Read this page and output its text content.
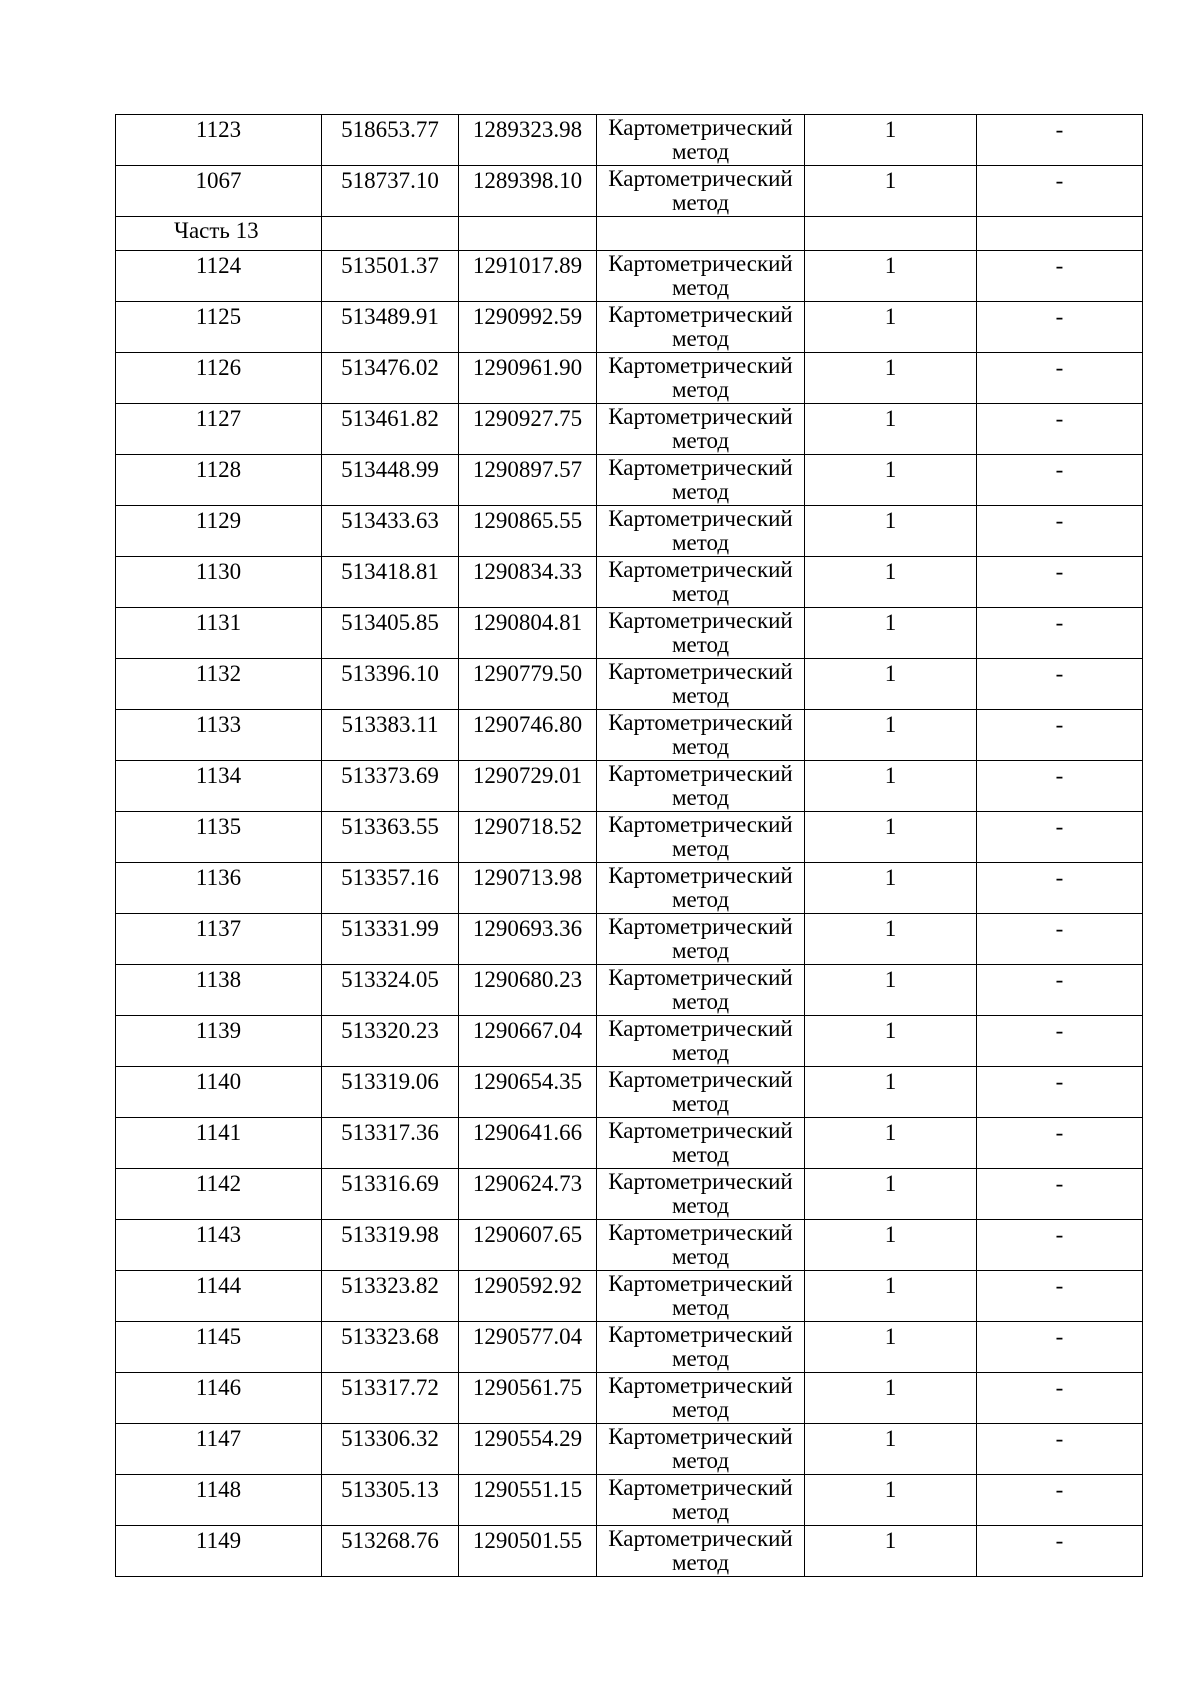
1123	518653.77	1289323.98	Картометрический метод	1	-

1067	518737.10	1289398.10	Картометрический метод	1	-

Часть 13					

1124	513501.37	1291017.89	Картометрический метод	1	-

1125	513489.91	1290992.59	Картометрический метод	1	-

1126	513476.02	1290961.90	Картометрический метод	1	-

1127	513461.82	1290927.75	Картометрический метод	1	-

1128	513448.99	1290897.57	Картометрический метод	1	-

1129	513433.63	1290865.55	Картометрический метод	1	-

1130	513418.81	1290834.33	Картометрический метод	1	-

1131	513405.85	1290804.81	Картометрический метод	1	-

1132	513396.10	1290779.50	Картометрический метод	1	-

1133	513383.11	1290746.80	Картометрический метод	1	-

1134	513373.69	1290729.01	Картометрический метод	1	-

1135	513363.55	1290718.52	Картометрический метод	1	-

1136	513357.16	1290713.98	Картометрический метод	1	-

1137	513331.99	1290693.36	Картометрический метод	1	-

1138	513324.05	1290680.23	Картометрический метод	1	-

1139	513320.23	1290667.04	Картометрический метод	1	-

1140	513319.06	1290654.35	Картометрический метод	1	-

1141	513317.36	1290641.66	Картометрический метод	1	-

1142	513316.69	1290624.73	Картометрический метод	1	-

1143	513319.98	1290607.65	Картометрический метод	1	-

1144	513323.82	1290592.92	Картометрический метод	1	-

1145	513323.68	1290577.04	Картометрический метод	1	-

1146	513317.72	1290561.75	Картометрический метод	1	-

1147	513306.32	1290554.29	Картометрический метод	1	-

1148	513305.13	1290551.15	Картометрический метод	1	-

1149	513268.76	1290501.55	Картометрический метод	1	-
